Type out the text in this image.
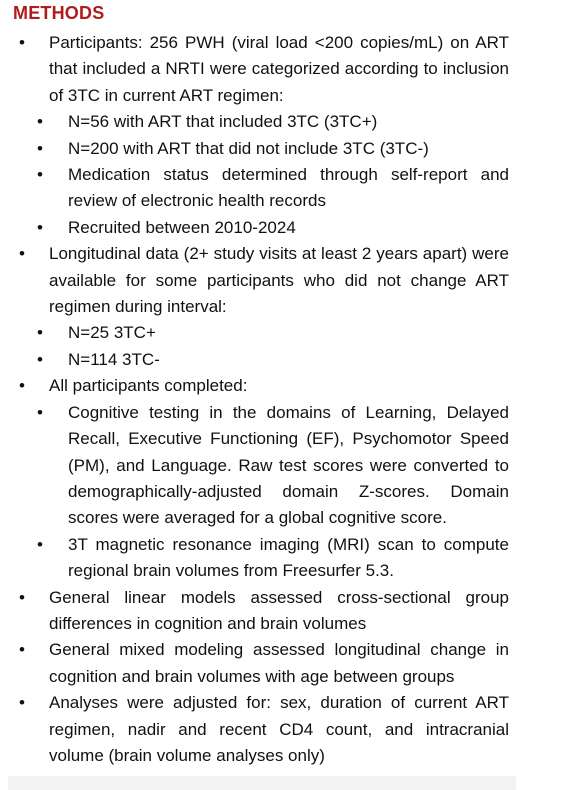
METHODS
• Participants: 256 PWH (viral load <200 copies/mL) on ART that included a NRTI were categorized according to inclusion of 3TC in current ART regimen:
• N=56 with ART that included 3TC (3TC+)
• N=200 with ART that did not include 3TC (3TC-)
• Medication status determined through self-report and review of electronic health records
• Recruited between 2010-2024
• Longitudinal data (2+ study visits at least 2 years apart) were available for some participants who did not change ART regimen during interval:
• N=25 3TC+
• N=114 3TC-
• All participants completed:
• Cognitive testing in the domains of Learning, Delayed Recall, Executive Functioning (EF), Psychomotor Speed (PM), and Language. Raw test scores were converted to demographically-adjusted domain Z-scores. Domain scores were averaged for a global cognitive score.
• 3T magnetic resonance imaging (MRI) scan to compute regional brain volumes from Freesurfer 5.3.
• General linear models assessed cross-sectional group differences in cognition and brain volumes
• General mixed modeling assessed longitudinal change in cognition and brain volumes with age between groups
• Analyses were adjusted for: sex, duration of current ART regimen, nadir and recent CD4 count, and intracranial volume (brain volume analyses only)
